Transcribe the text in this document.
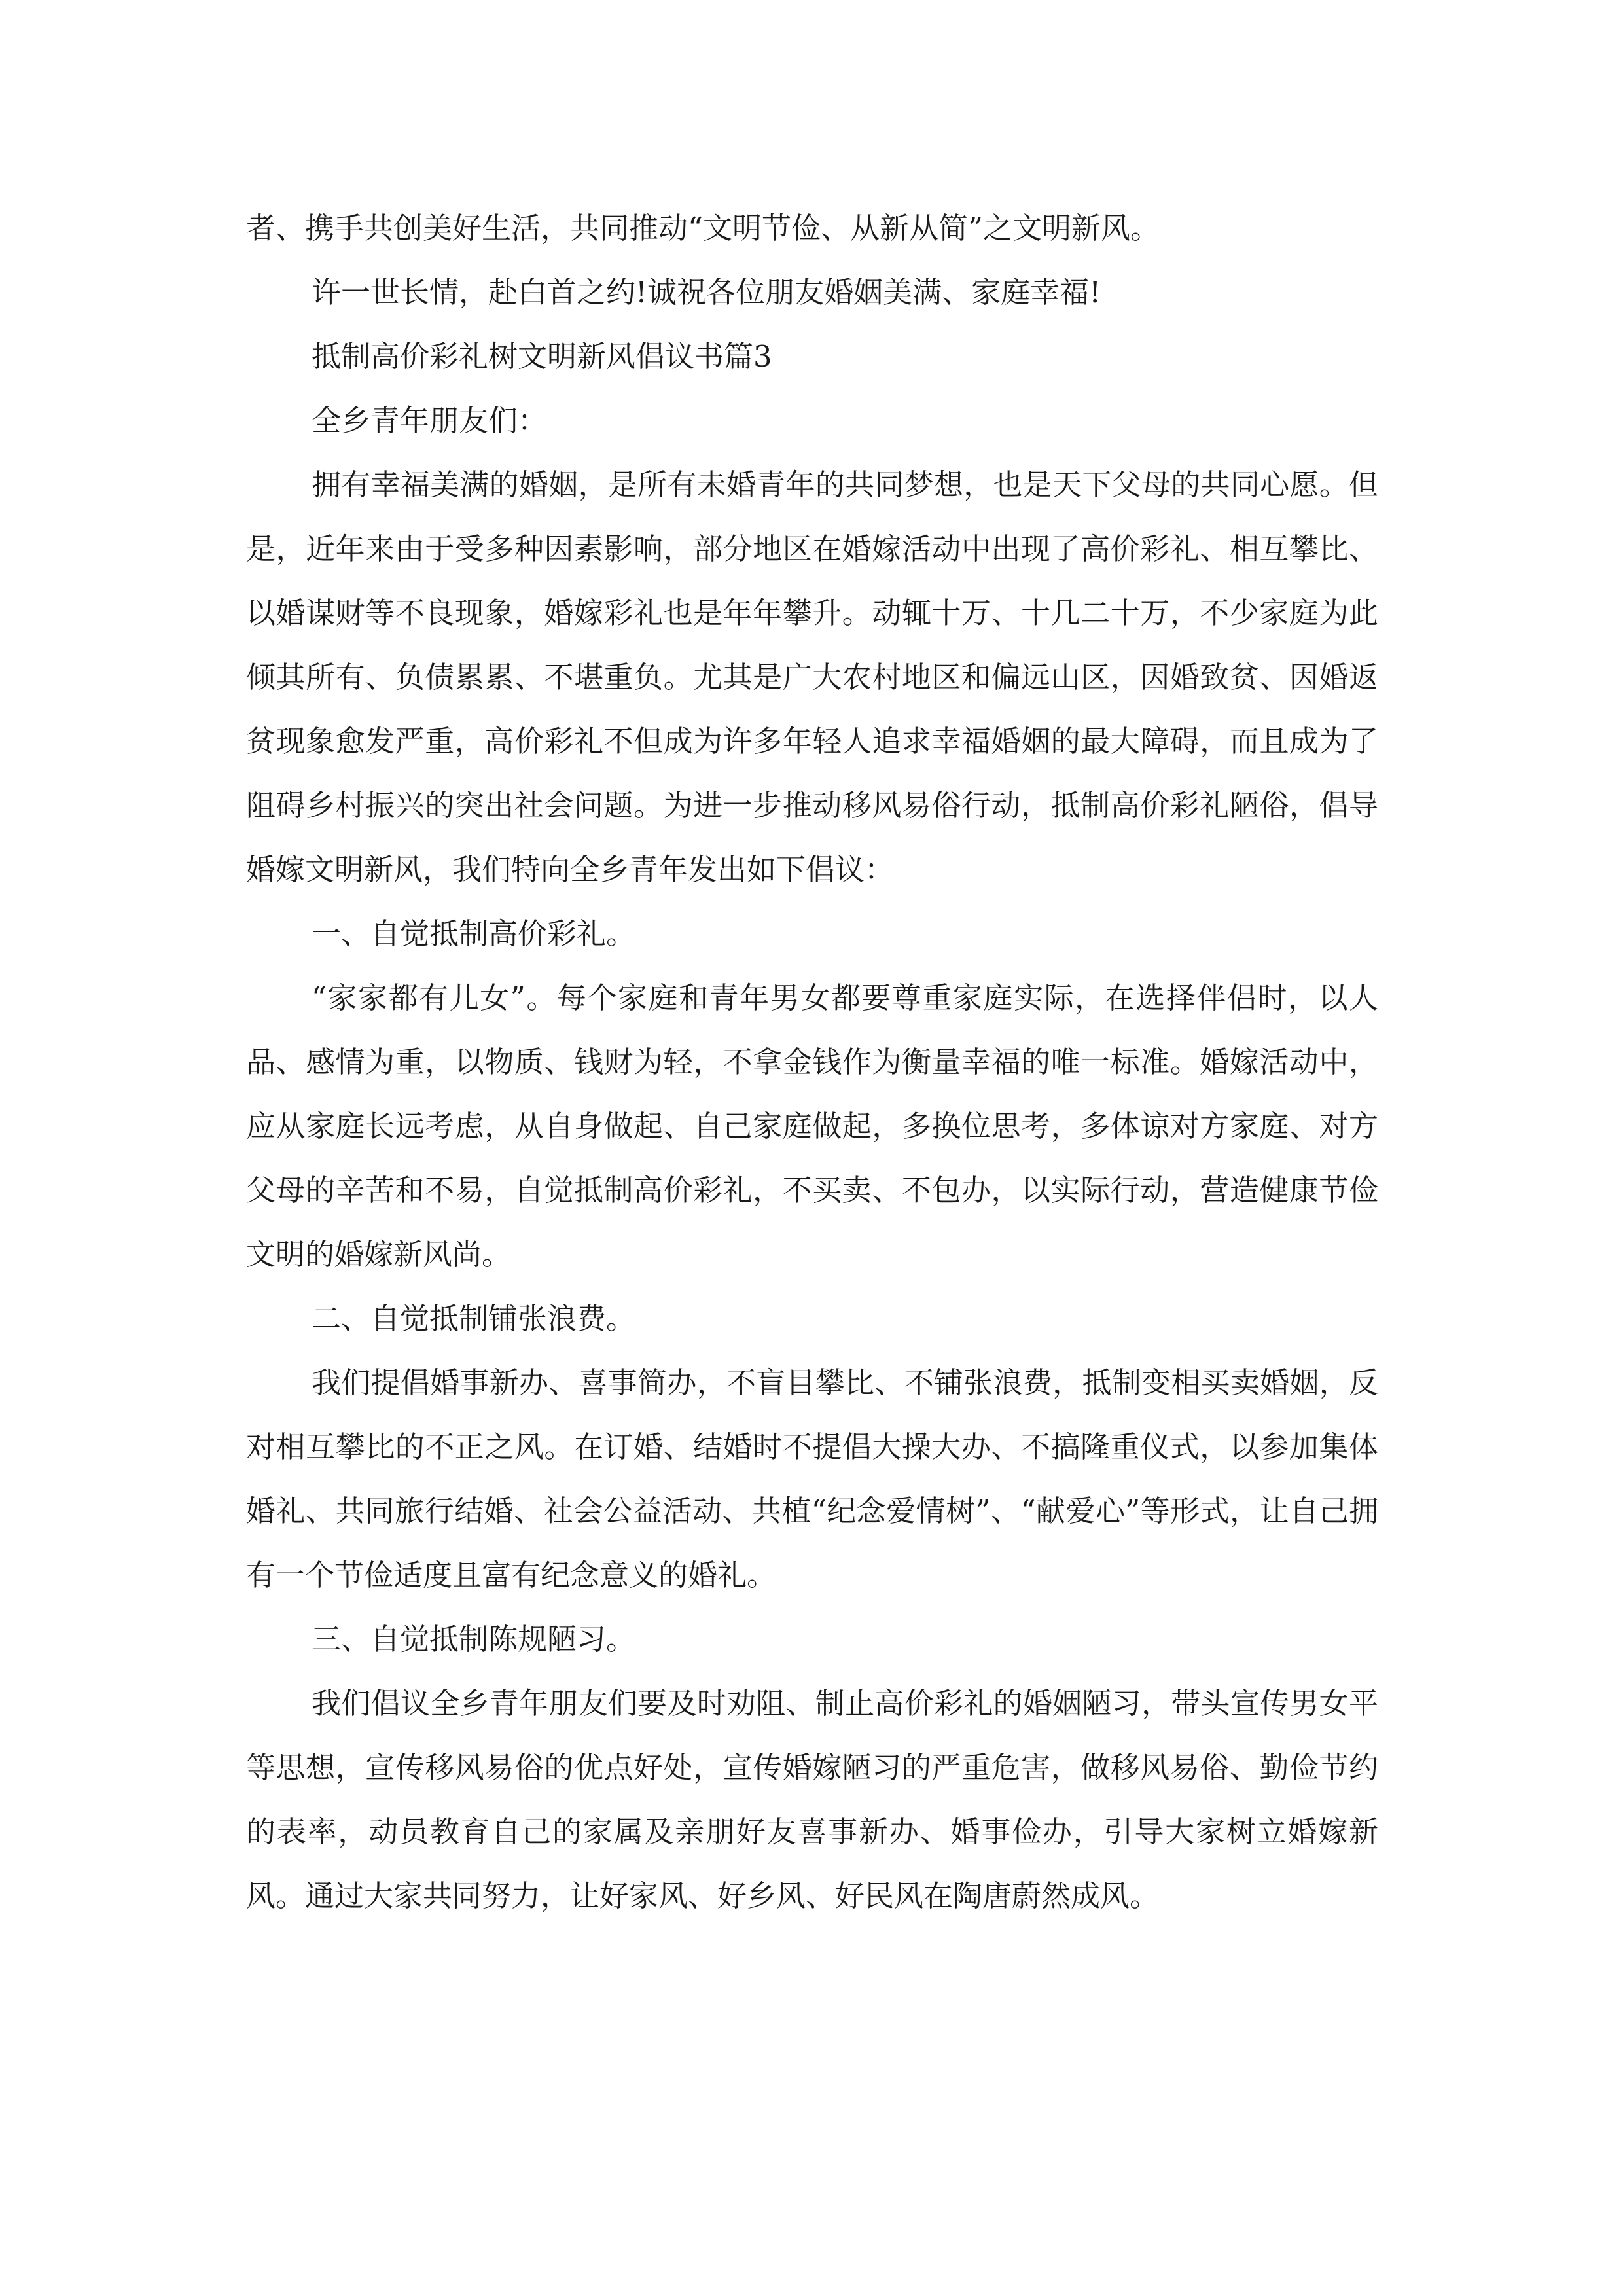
者、携手共创美好生活，共同推动“文明节俭、从新从简”之文明新风。

许一世长情，赴白首之约!诚祝各位朋友婚姻美满、家庭幸福!

抵制高价彩礼树文明新风倡议书篇3

全乡青年朋友们：

拥有幸福美满的婚姻，是所有未婚青年的共同梦想，也是天下父母的共同心愿。但是，近年来由于受多种因素影响，部分地区在婚嫁活动中出现了高价彩礼、相互攀比、以婚谋财等不良现象，婚嫁彩礼也是年年攀升。动辄十万、十几二十万，不少家庭为此倾其所有、负债累累、不堪重负。尤其是广大农村地区和偏远山区，因婚致贫、因婚返贫现象愈发严重，高价彩礼不但成为许多年轻人追求幸福婚姻的最大障碍，而且成为了阻碍乡村振兴的突出社会问题。为进一步推动移风易俗行动，抵制高价彩礼陋俗，倡导婚嫁文明新风，我们特向全乡青年发出如下倡议：

一、自觉抵制高价彩礼。

“家家都有儿女”。每个家庭和青年男女都要尊重家庭实际，在选择伴侣时，以人品、感情为重，以物质、钱财为轻，不拿金钱作为衡量幸福的唯一标准。婚嫁活动中，应从家庭长远考虑，从自身做起、自己家庭做起，多换位思考，多体谅对方家庭、对方父母的辛苦和不易，自觉抵制高价彩礼，不买卖、不包办，以实际行动，营造健康节俭文明的婚嫁新风尚。

二、自觉抵制铺张浪费。

我们提倡婚事新办、喜事简办，不盲目攀比、不铺张浪费，抵制变相买卖婚姻，反对相互攀比的不正之风。在订婚、结婚时不提倡大操大办、不搞隆重仪式，以参加集体婚礼、共同旅行结婚、社会公益活动、共植“纪念爱情树”、“献爱心”等形式，让自己拥有一个节俭适度且富有纪念意义的婚礼。

三、自觉抵制陈规陋习。

我们倡议全乡青年朋友们要及时劝阻、制止高价彩礼的婚姻陋习，带头宣传男女平等思想，宣传移风易俗的优点好处，宣传婚嫁陋习的严重危害，做移风易俗、勤俭节约的表率，动员教育自己的家属及亲朋好友喜事新办、婚事俭办，引导大家树立婚嫁新风。通过大家共同努力，让好家风、好乡风、好民风在陶唐蔚然成风。
